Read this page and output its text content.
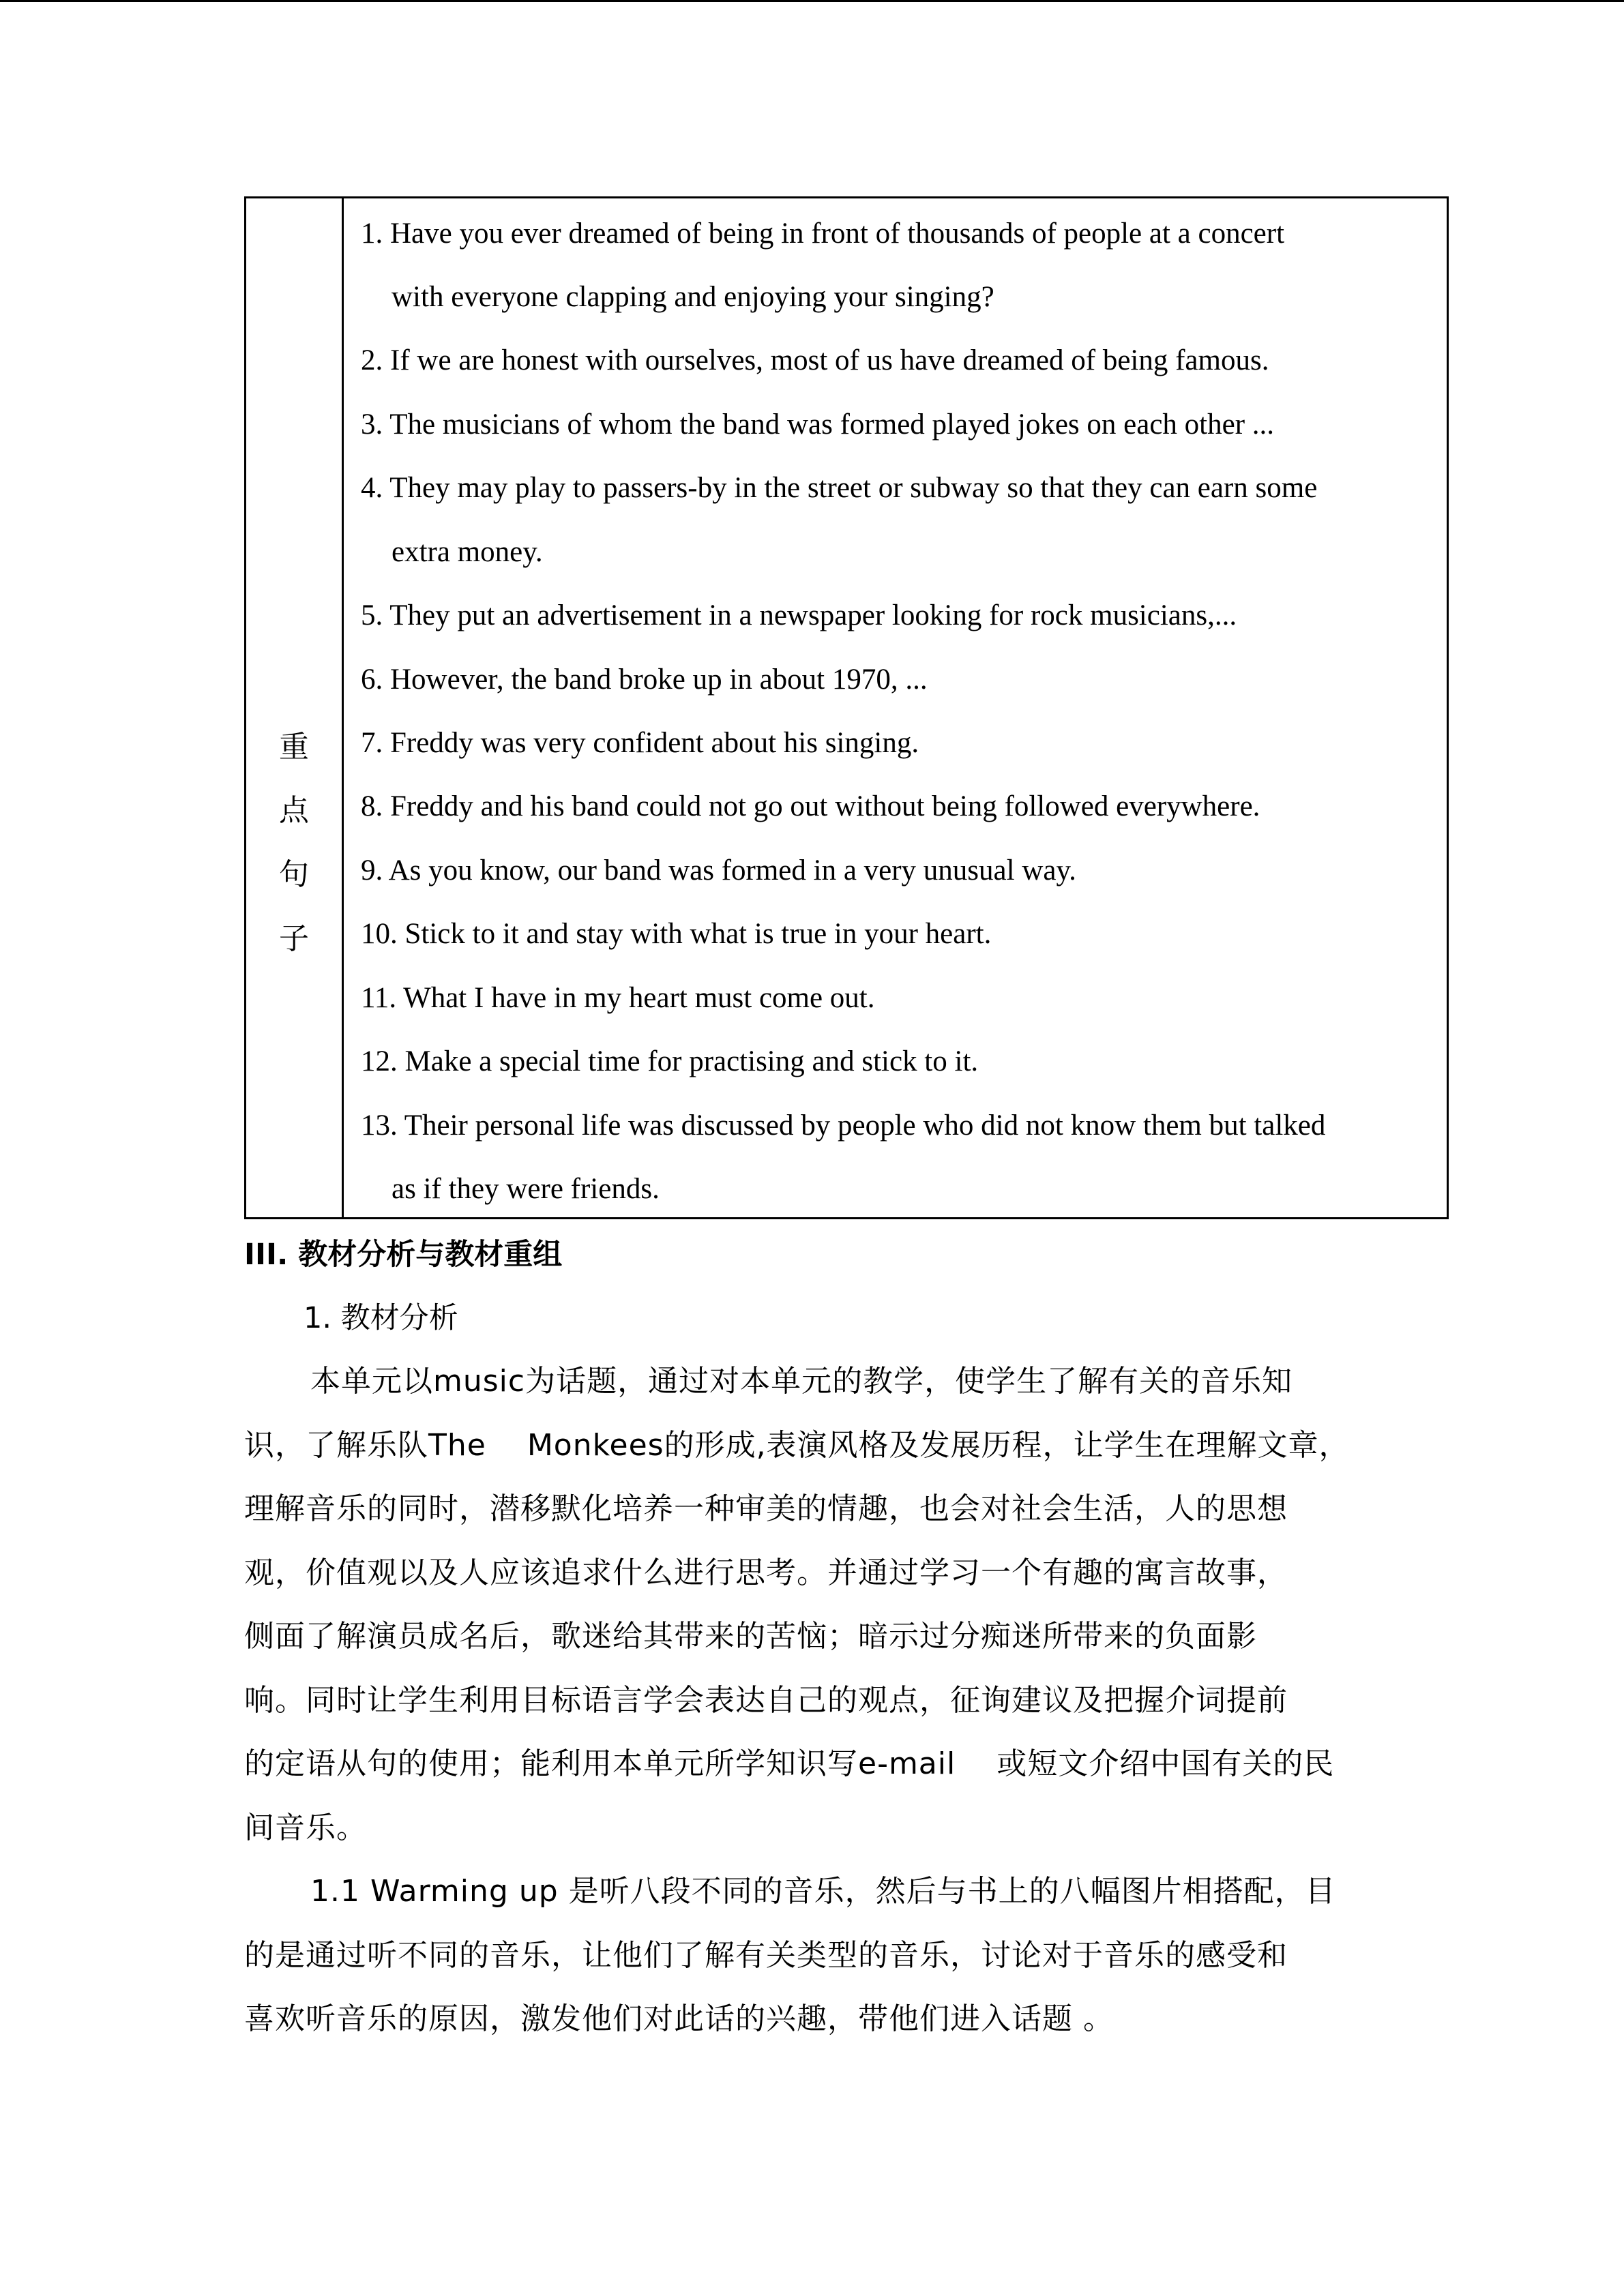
重
点
句
子
1. Have you ever dreamed of being in front of thousands of people at a concert
with everyone clapping and enjoying your singing?
2. If we are honest with ourselves, most of us have dreamed of being famous.
3. The musicians of whom the band was formed played jokes on each other ...
4. They may play to passers-by in the street or subway so that they can earn some
extra money.
5. They put an advertisement in a newspaper looking for rock musicians,...
6. However, the band broke up in about 1970, ...
7. Freddy was very confident about his singing.
8. Freddy and his band could not go out without being followed everywhere.
9. As you know, our band was formed in a very unusual way.
10. Stick to it and stay with what is true in your heart.
11. What I have in my heart must come out.
12. Make a special time for practising and stick to it.
13. Their personal life was discussed by people who did not know them but talked
as if they were friends.
III. 教材分析与教材重组
1. 教材分析
本单元以music为话题，通过对本单元的教学，使学生了解有关的音乐知
识，了解乐队The　 Monkees的形成,表演风格及发展历程，让学生在理解文章，
理解音乐的同时，潜移默化培养一种审美的情趣，也会对社会生活，人的思想
观，价值观以及人应该追求什么进行思考。并通过学习一个有趣的寓言故事，
侧面了解演员成名后，歌迷给其带来的苦恼；暗示过分痴迷所带来的负面影
响。同时让学生利用目标语言学会表达自己的观点，征询建议及把握介词提前
的定语从句的使用；能利用本单元所学知识写e-mail　 或短文介绍中国有关的民
间音乐。
1.1 Warming up 是听八段不同的音乐，然后与书上的八幅图片相搭配，目
的是通过听不同的音乐，让他们了解有关类型的音乐，讨论对于音乐的感受和
喜欢听音乐的原因，激发他们对此话的兴趣，带他们进入话题 。
